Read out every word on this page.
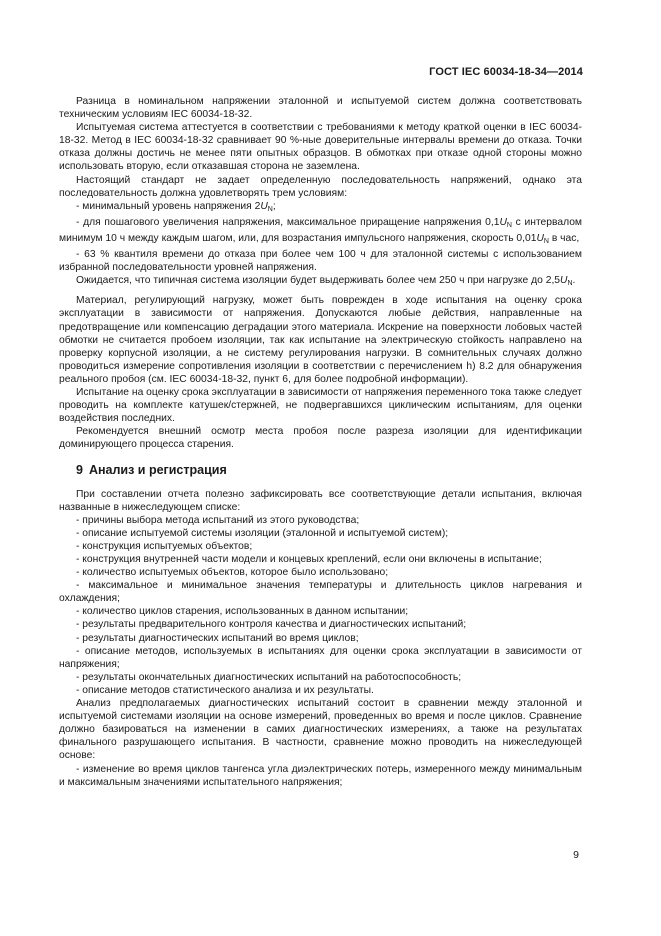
ГОСТ IEC 60034-18-34—2014

Разница в номинальном напряжении эталонной и испытуемой систем должна соответствовать техническим условиям IEC 60034-18-32.

Испытуемая система аттестуется в соответствии с требованиями к методу краткой оценки в IEC 60034-18-32. Метод в IEC 60034-18-32 сравнивает 90 %-ные доверительные интервалы времени до отказа. Точки отказа должны достичь не менее пяти опытных образцов. В обмотках при отказе одной стороны можно использовать вторую, если отказавшая сторона не заземлена.

Настоящий стандарт не задает определенную последовательность напряжений, однако эта последовательность должна удовлетворять трем условиям:

- минимальный уровень напряжения $2U_N$;

- для пошагового увеличения напряжения, максимальное приращение напряжения $0,1U_N$ с интервалом минимум 10 ч между каждым шагом, или, для возрастания импульсного напряжения, скорость $0,01U_N$ в час,

- 63 % квантиля времени до отказа при более чем 100 ч для эталонной системы с использованием избранной последовательности уровней напряжения.

Ожидается, что типичная система изоляции будет выдерживать более чем 250 ч при нагрузке до $2,5U_N$.

Материал, регулирующий нагрузку, может быть поврежден в ходе испытания на оценку срока эксплуатации в зависимости от напряжения. Допускаются любые действия, направленные на предотвращение или компенсацию деградации этого материала. Искрение на поверхности лобовых частей обмотки не считается пробоем изоляции, так как испытание на электрическую стойкость направлено на проверку корпусной изоляции, а не систему регулирования нагрузки. В сомнительных случаях должно проводиться измерение сопротивления изоляции в соответствии с перечислением h) 8.2 для обнаружения реального пробоя (см. IEC 60034-18-32, пункт 6, для более подробной информации).

Испытание на оценку срока эксплуатации в зависимости от напряжения переменного тока также следует проводить на комплекте катушек/стержней, не подвергавшихся циклическим испытаниям, для оценки воздействия последних.

Рекомендуется внешний осмотр места пробоя после разреза изоляции для идентификации доминирующего процесса старения.

9 Анализ и регистрация

При составлении отчета полезно зафиксировать все соответствующие детали испытания, включая названные в нижеследующем списке:

- причины выбора метода испытаний из этого руководства;

- описание испытуемой системы изоляции (эталонной и испытуемой систем);

- конструкция испытуемых объектов;

- конструкция внутренней части модели и концевых креплений, если они включены в испытание;

- количество испытуемых объектов, которое было использовано;

- максимальное и минимальное значения температуры и длительность циклов нагревания и охлаждения;

- количество циклов старения, использованных в данном испытании;

- результаты предварительного контроля качества и диагностических испытаний;

- результаты диагностических испытаний во время циклов;

- описание методов, используемых в испытаниях для оценки срока эксплуатации в зависимости от напряжения;

- результаты окончательных диагностических испытаний на работоспособность;

- описание методов статистического анализа и их результаты.

Анализ предполагаемых диагностических испытаний состоит в сравнении между эталонной и испытуемой системами изоляции на основе измерений, проведенных во время и после циклов. Сравнение должно базироваться на изменении в самих диагностических измерениях, а также на результатах финального разрушающего испытания. В частности, сравнение можно проводить на нижеследующей основе:

- изменение во время циклов тангенса угла диэлектрических потерь, измеренного между минимальным и максимальным значениями испытательного напряжения;

9
